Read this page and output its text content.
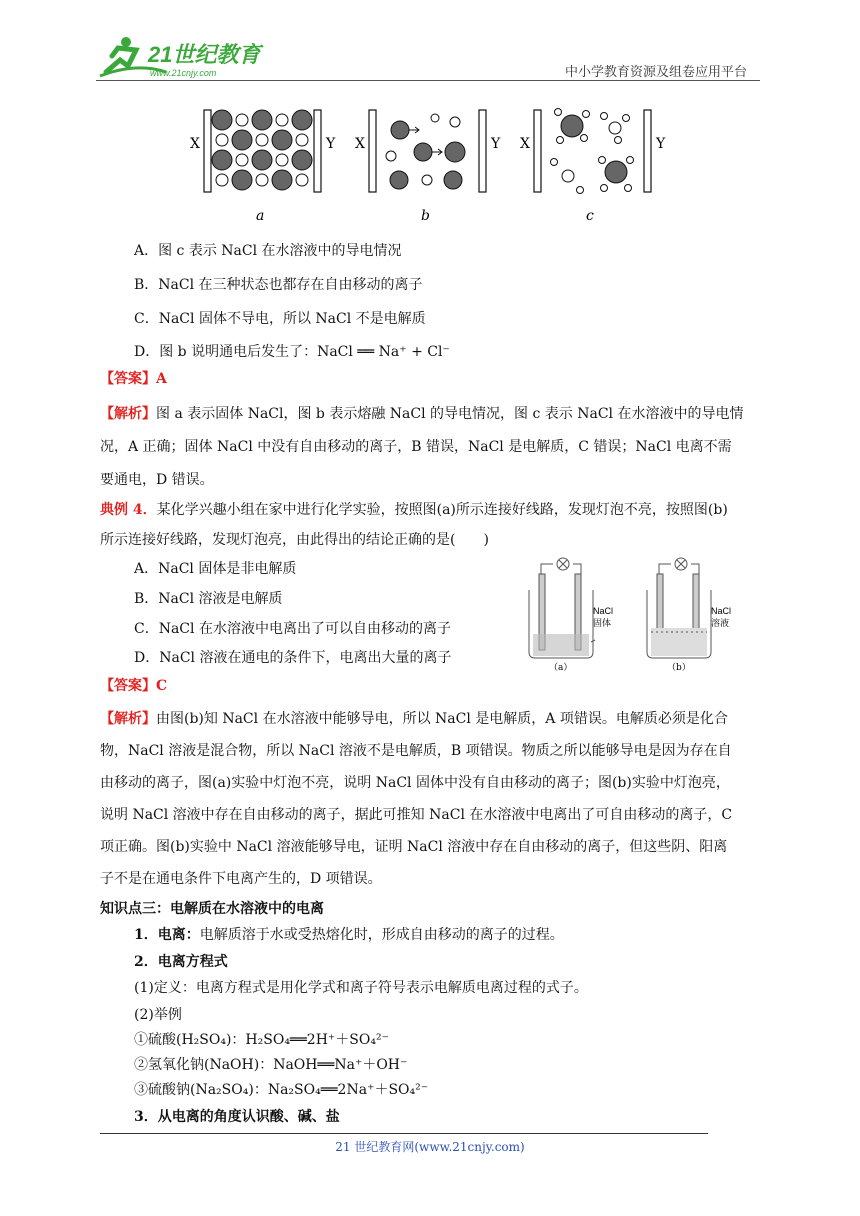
21世纪教育
www.21cnjy.com	中小学教育资源及组卷应用平台
X	Y
a
X	Y
b
X	Y
c
A．图 c 表示 NaCl 在水溶液中的导电情况
B．NaCl 在三种状态也都存在自由移动的离子
C．NaCl 固体不导电，所以 NaCl 不是电解质
D．图 b 说明通电后发生了：NaCl ══ Na⁺ + Cl⁻
【答案】A
【解析】图 a 表示固体 NaCl，图 b 表示熔融 NaCl 的导电情况，图 c 表示 NaCl 在水溶液中的导电情
况，A 正确；固体 NaCl 中没有自由移动的离子，B 错误，NaCl 是电解质，C 错误；NaCl 电离不需
要通电，D 错误。
典例 4．某化学兴趣小组在家中进行化学实验，按照图(a)所示连接好线路，发现灯泡不亮，按照图(b)
所示连接好线路，发现灯泡亮，由此得出的结论正确的是(　　)
A．NaCl 固体是非电解质
B．NaCl 溶液是电解质
C．NaCl 在水溶液中电离出了可以自由移动的离子
D．NaCl 溶液在通电的条件下，电离出大量的离子
NaCl
固体
（a）
NaCl
溶液
（b）
【答案】C
【解析】由图(b)知 NaCl 在水溶液中能够导电，所以 NaCl 是电解质，A 项错误。电解质必须是化合
物，NaCl 溶液是混合物，所以 NaCl 溶液不是电解质，B 项错误。物质之所以能够导电是因为存在自
由移动的离子，图(a)实验中灯泡不亮，说明 NaCl 固体中没有自由移动的离子；图(b)实验中灯泡亮，
说明 NaCl 溶液中存在自由移动的离子，据此可推知 NaCl 在水溶液中电离出了可自由移动的离子，C
项正确。图(b)实验中 NaCl 溶液能够导电，证明 NaCl 溶液中存在自由移动的离子，但这些阴、阳离
子不是在通电条件下电离产生的，D 项错误。
知识点三：电解质在水溶液中的电离
1．电离：电解质溶于水或受热熔化时，形成自由移动的离子的过程。
2．电离方程式
(1)定义：电离方程式是用化学式和离子符号表示电解质电离过程的式子。
(2)举例
①硫酸(H₂SO₄)：H₂SO₄══2H⁺＋SO₄²⁻
②氢氧化钠(NaOH)：NaOH══Na⁺＋OH⁻
③硫酸钠(Na₂SO₄)：Na₂SO₄══2Na⁺＋SO₄²⁻
21 世纪教育网(www.21cnjy.com)
3．从电离的角度认识酸、碱、盐
